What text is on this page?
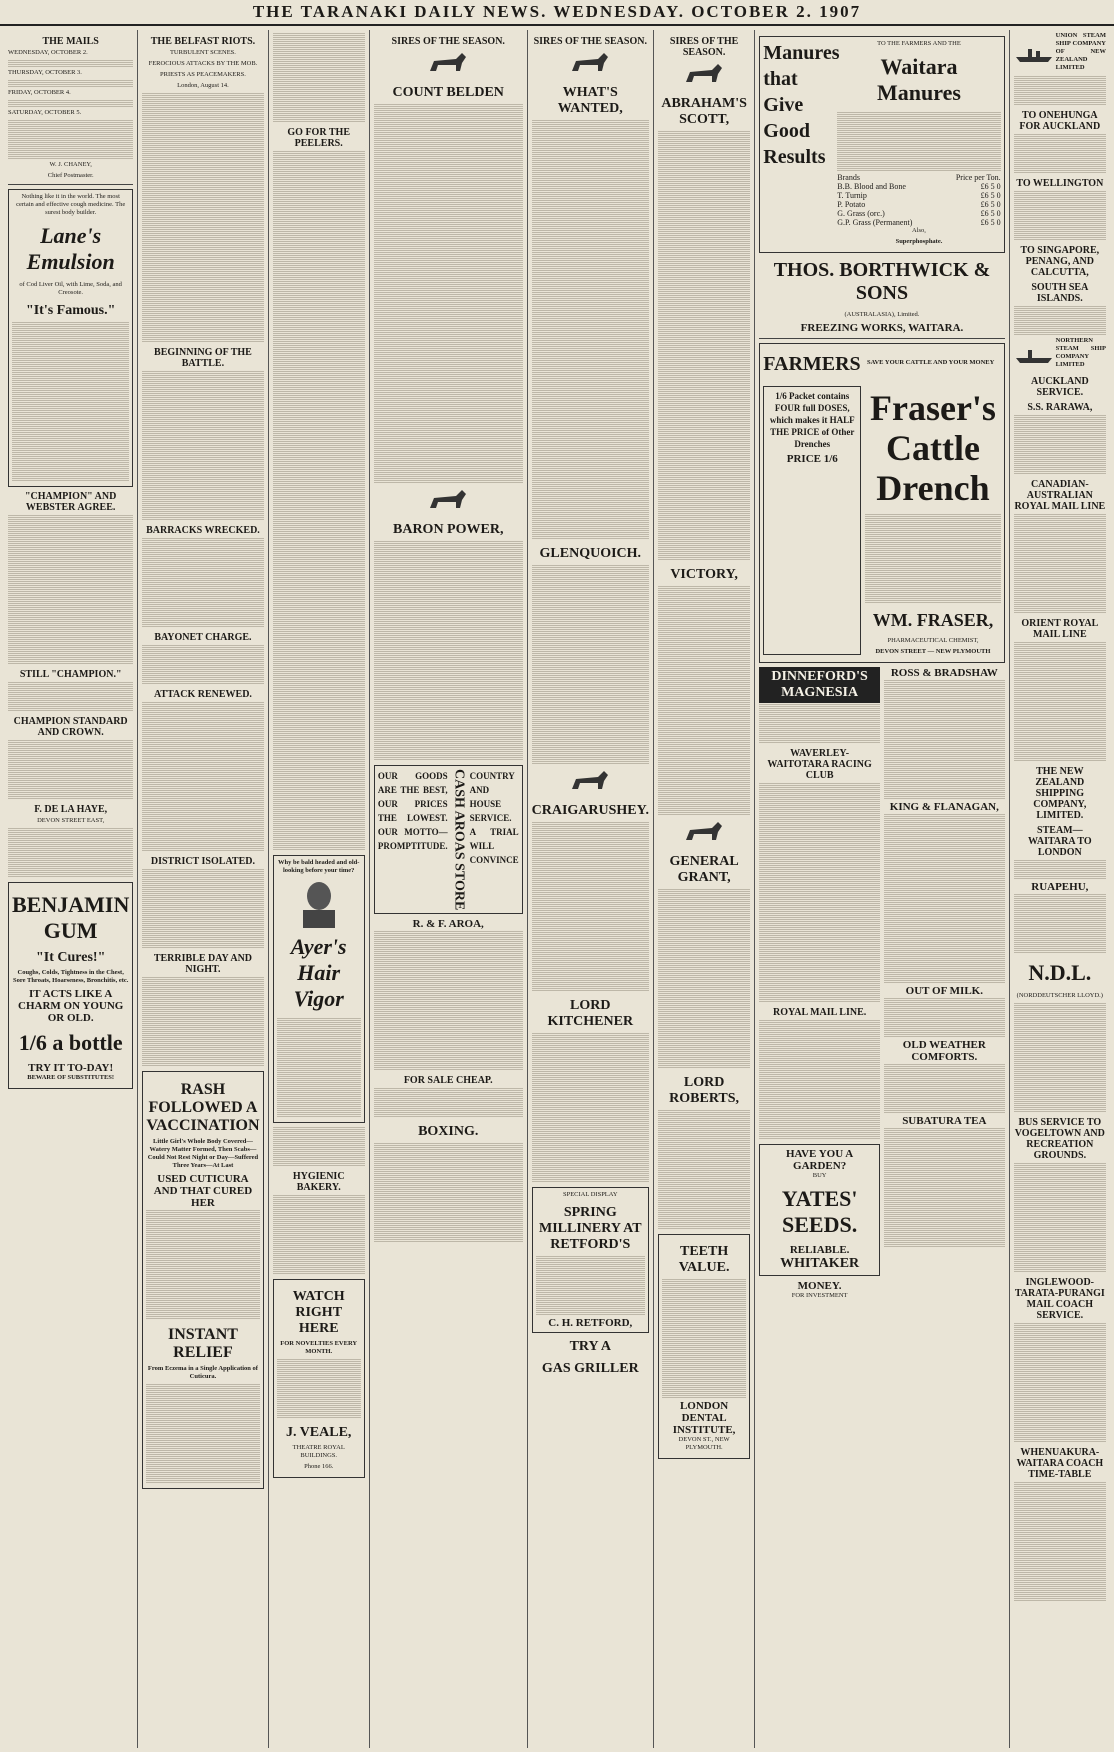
THE TARANAKI DAILY NEWS. WEDNESDAY. OCTOBER 2. 1907
THE MAILS
WEDNESDAY, OCTOBER 2.
THURSDAY, OCTOBER 3.
FRIDAY, OCTOBER 4.
SATURDAY, OCTOBER 5.
W. J. CHANEY,
Chief Postmaster.
Nothing like it in the world. The most certain and effective cough medicine. The surest body builder.
Lane's Emulsion
of Cod Liver Oil, with Lime, Soda, and Creosote.
"It's Famous."
"CHAMPION" AND WEBSTER AGREE.
STILL "CHAMPION."
CHAMPION STANDARD AND CROWN.
F. DE LA HAYE,
DEVON STREET EAST,
BENJAMIN GUM
"It Cures!"
Coughs, Colds, Tightness in the Chest, Sore Throats, Hoarseness, Bronchitis, etc.
IT ACTS LIKE A CHARM ON YOUNG OR OLD.
1/6 a bottle
TRY IT TO-DAY!
BEWARE OF SUBSTITUTES!
THE BELFAST RIOTS.
TURBULENT SCENES.
FEROCIOUS ATTACKS BY THE MOB.
PRIESTS AS PEACEMAKERS.
London, August 14.
BEGINNING OF THE BATTLE.
BARRACKS WRECKED.
BAYONET CHARGE.
ATTACK RENEWED.
DISTRICT ISOLATED.
TERRIBLE DAY AND NIGHT.
RASH FOLLOWED A VACCINATION
Little Girl's Whole Body Covered—Watery Matter Formed, Then Scabs—Could Not Rest Night or Day—Suffered Three Years—At Last
USED CUTICURA AND THAT CURED HER
INSTANT RELIEF
From Eczema in a Single Application of Cuticura.
GO FOR THE PEELERS.
Why be bald headed and old-looking before your time?
Ayer's Hair Vigor
HYGIENIC BAKERY.
WATCH RIGHT HERE
FOR NOVELTIES EVERY MONTH.
J. VEALE,
THEATRE ROYAL BUILDINGS.
Phone 166.
SIRES OF THE SEASON.
COUNT BELDEN
BARON POWER,
OUR GOODS ARE THE BEST, OUR PRICES THE LOWEST. OUR MOTTO—PROMPTITUDE. CASH AROAS STORE COUNTRY AND HOUSE SERVICE. A TRIAL WILL CONVINCE
R. & F. AROA,
FOR SALE CHEAP.
BOXING.
SIRES OF THE SEASON.
WHAT'S WANTED,
GLENQUOICH.
CRAIGARUSHEY.
LORD KITCHENER
SPECIAL DISPLAY
SPRING MILLINERY AT RETFORD'S
C. H. RETFORD,
TRY A
GAS GRILLER
SIRES OF THE SEASON.
ABRAHAM'S SCOTT,
VICTORY,
GENERAL GRANT,
LORD ROBERTS,
TEETH VALUE.
LONDON DENTAL INSTITUTE,
DEVON ST., NEW PLYMOUTH.
Manures that Give Good Results
TO THE FARMERS AND THE
Waitara Manures
Brands	Price per Ton.
B.B. Blood and Bone	£6 5 0
T. Turnip	£6 5 0
P. Potato	£6 5 0
G. Grass (orc.)	£6 5 0
G.P. Grass (Permanent)	£6 5 0
Also,
Superphosphate.
THOS. BORTHWICK & SONS
(AUSTRALASIA), Limited.
FREEZING WORKS, WAITARA.
FARMERS SAVE YOUR CATTLE AND YOUR MONEY
1/6 Packet contains FOUR full DOSES, which makes it HALF THE PRICE of Other Drenches
PRICE 1/6
Fraser's Cattle Drench
WM. FRASER,
PHARMACEUTICAL CHEMIST,
DEVON STREET — NEW PLYMOUTH
DINNEFORD'S MAGNESIA
WAVERLEY-WAITOTARA RACING CLUB
ROYAL MAIL LINE.
HAVE YOU A GARDEN?
BUY
YATES' SEEDS.
RELIABLE.
WHITAKER
MONEY.
FOR INVESTMENT
ROSS & BRADSHAW
KING & FLANAGAN,
OUT OF MILK.
OLD WEATHER COMFORTS.
SUBATURA TEA
UNION STEAM SHIP COMPANY OF NEW ZEALAND LIMITED
TO ONEHUNGA FOR AUCKLAND
TO WELLINGTON
TO SINGAPORE, PENANG, AND CALCUTTA,
SOUTH SEA ISLANDS.
NORTHERN STEAM SHIP COMPANY LIMITED
AUCKLAND SERVICE.
S.S. RARAWA,
CANADIAN-AUSTRALIAN ROYAL MAIL LINE
ORIENT ROYAL MAIL LINE
THE NEW ZEALAND SHIPPING COMPANY, LIMITED.
STEAM—WAITARA TO LONDON
RUAPEHU,
N.D.L.
(NORDDEUTSCHER LLOYD.)
BUS SERVICE TO VOGELTOWN AND RECREATION GROUNDS.
INGLEWOOD-TARATA-PURANGI MAIL COACH SERVICE.
WHENUAKURA-WAITARA COACH TIME-TABLE
